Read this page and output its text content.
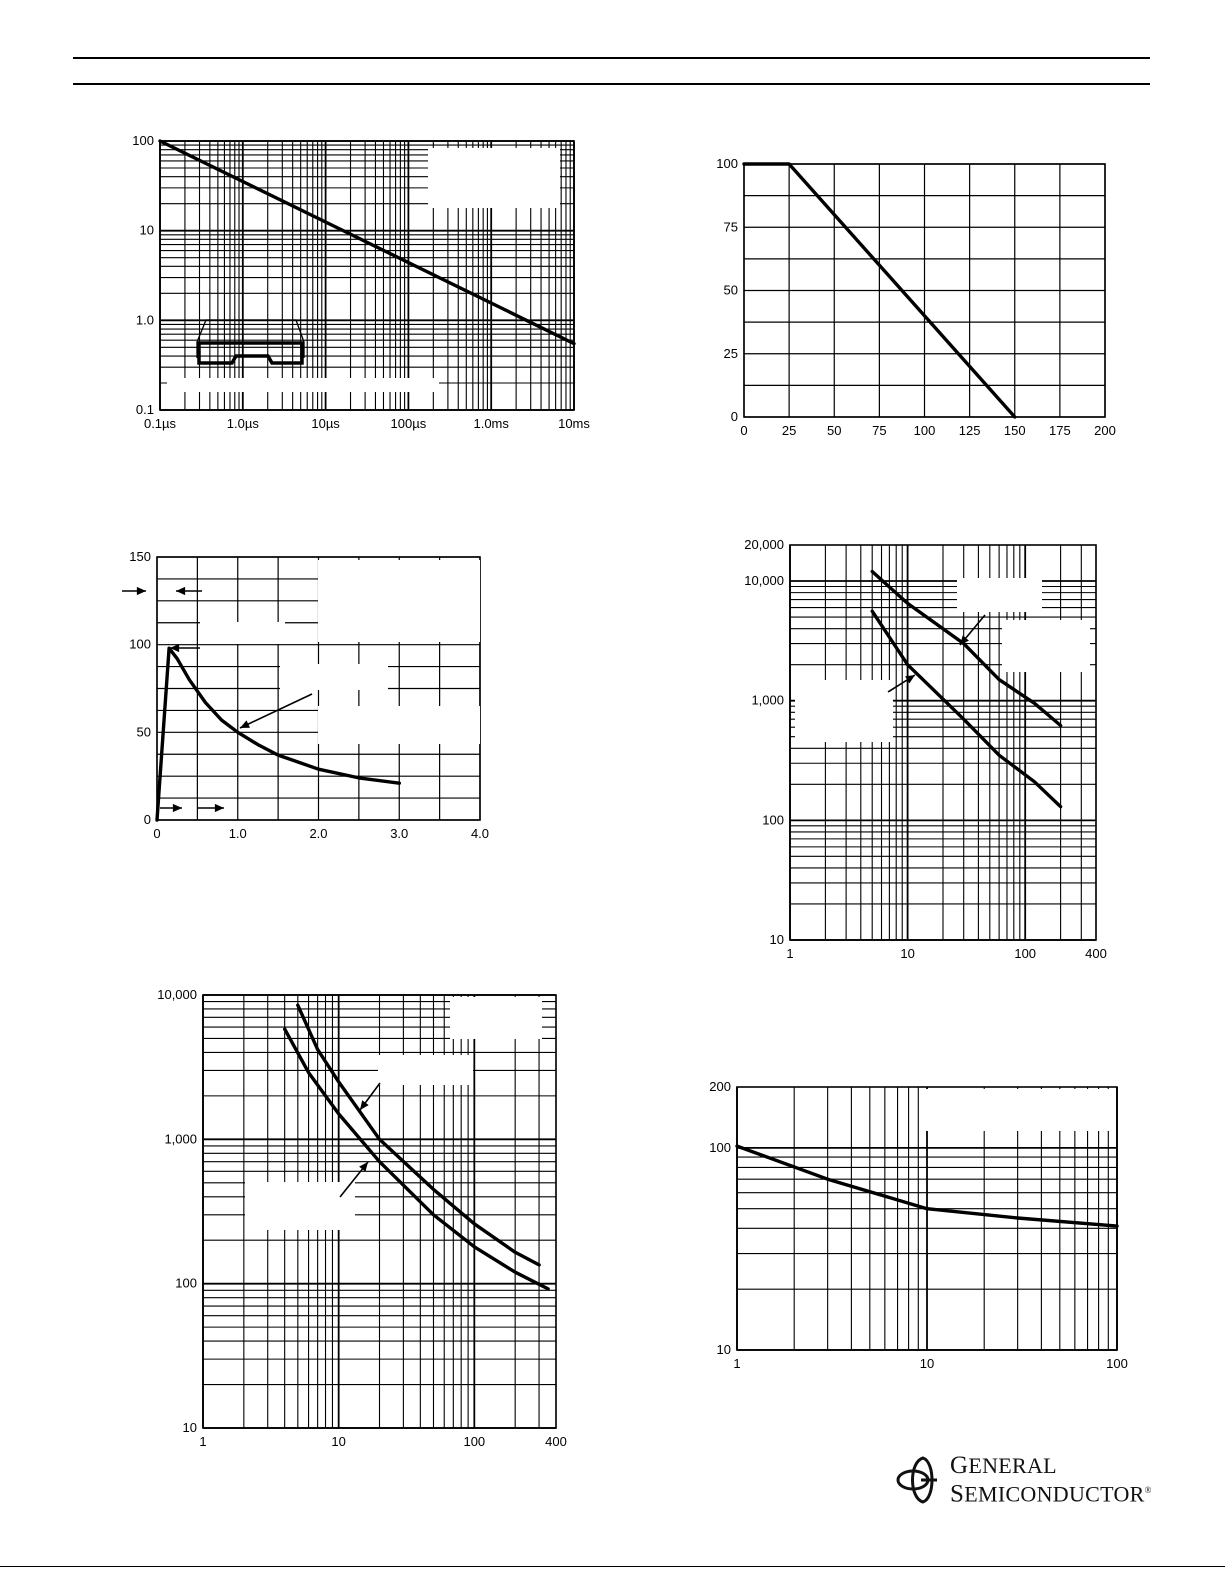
0.1µs	1.0µs	10µs	100µs	1.0ms	10ms
0.1
1.0
10
100
0	25 50 75 100 125 150 175 200
0
25
50
75
100
0	1.0	2.0	3.0	4.0
0
50
100
150
1	10	100	400
10
100
1,000
10,000
20,000
1	10	100	400
10
100
1,000
10,000
1	10	100
10
100
200
GENERAL
SEMICONDUCTOR®
